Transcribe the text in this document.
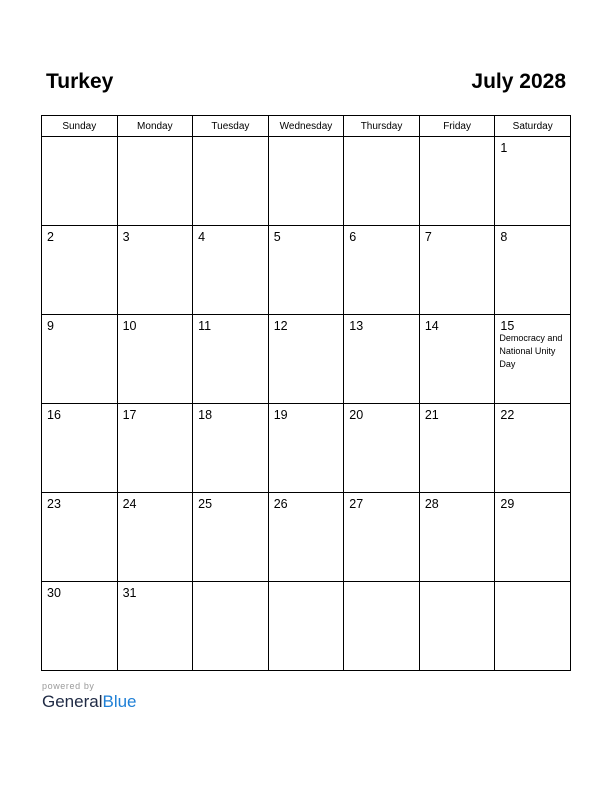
Turkey	July 2028
Sunday	Monday	Tuesday	Wednesday	Thursday	Friday	Saturday

						1

2	3	4	5	6	7	8

9	10	11	12	13	14	15
Democracy and National Unity Day

16	17	18	19	20	21	22

23	24	25	26	27	28	29

30	31					

powered by
GeneralBlue
